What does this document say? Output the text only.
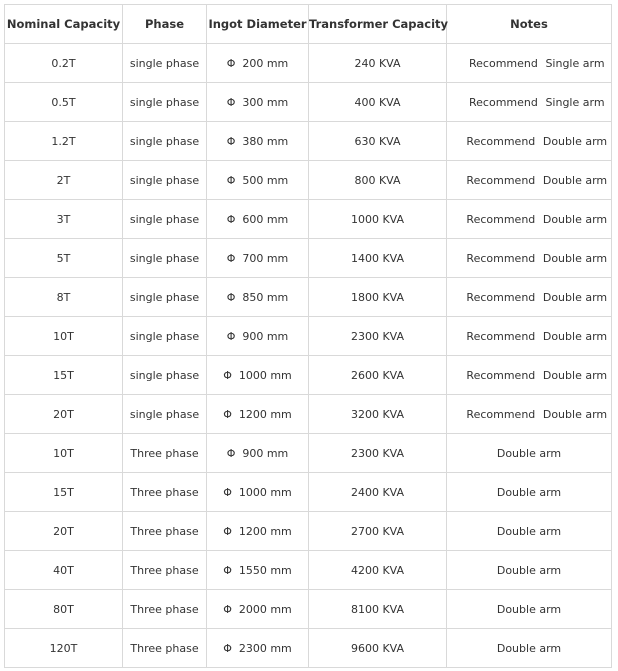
Nominal Capacity	Phase	Ingot Diameter	Transformer Capacity	Notes
0.2T	single phase	Φ  200 mm	240 KVA	Recommend Single arm
0.5T	single phase	Φ  300 mm	400 KVA	Recommend Single arm
1.2T	single phase	Φ  380 mm	630 KVA	Recommend Double arm
2T	single phase	Φ  500 mm	800 KVA	Recommend Double arm
3T	single phase	Φ  600 mm	1000 KVA	Recommend Double arm
5T	single phase	Φ  700 mm	1400 KVA	Recommend Double arm
8T	single phase	Φ  850 mm	1800 KVA	Recommend Double arm
10T	single phase	Φ  900 mm	2300 KVA	Recommend Double arm
15T	single phase	Φ  1000 mm	2600 KVA	Recommend Double arm
20T	single phase	Φ  1200 mm	3200 KVA	Recommend Double arm
10T	Three phase	Φ  900 mm	2300 KVA	Double arm
15T	Three phase	Φ  1000 mm	2400 KVA	Double arm
20T	Three phase	Φ  1200 mm	2700 KVA	Double arm
40T	Three phase	Φ  1550 mm	4200 KVA	Double arm
80T	Three phase	Φ  2000 mm	8100 KVA	Double arm
120T	Three phase	Φ  2300 mm	9600 KVA	Double arm
